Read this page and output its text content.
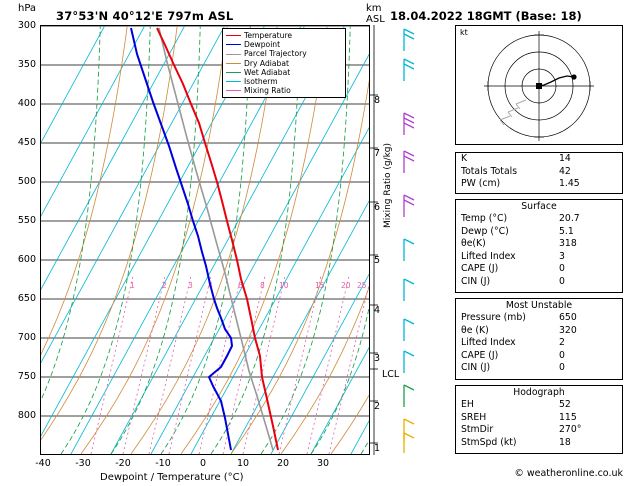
hPa
37°53'N 40°12'E 797m ASL
km
ASL 18.04.2022 18GMT (Base: 18)
1	2	3 4	6 8 10	15 20 25
300
350
400
450
500
550
600
650
700
750
800
-40	-30	-20	-10	0	10	20	30
Dewpoint / Temperature (°C)
8
7
6
5
4
3
2
1
LCL
Mixing Ratio (g/kg)
Temperature
Dewpoint
Parcel Trajectory
Dry Adiabat
Wet Adiabat
Isotherm
Mixing Ratio
kt
K	14
Totals Totals	42
PW (cm)	1.45
Surface
Temp (°C)	20.7
Dewp (°C)	5.1
θe(K)	318
Lifted Index	3
CAPE (J)	0
CIN (J)	0
Most Unstable
Pressure (mb)	650
θe (K)	320
Lifted Index	2
CAPE (J)	0
CIN (J)	0
Hodograph
EH	52
SREH	115
StmDir	270°
StmSpd (kt)	18
© weatheronline.co.uk
